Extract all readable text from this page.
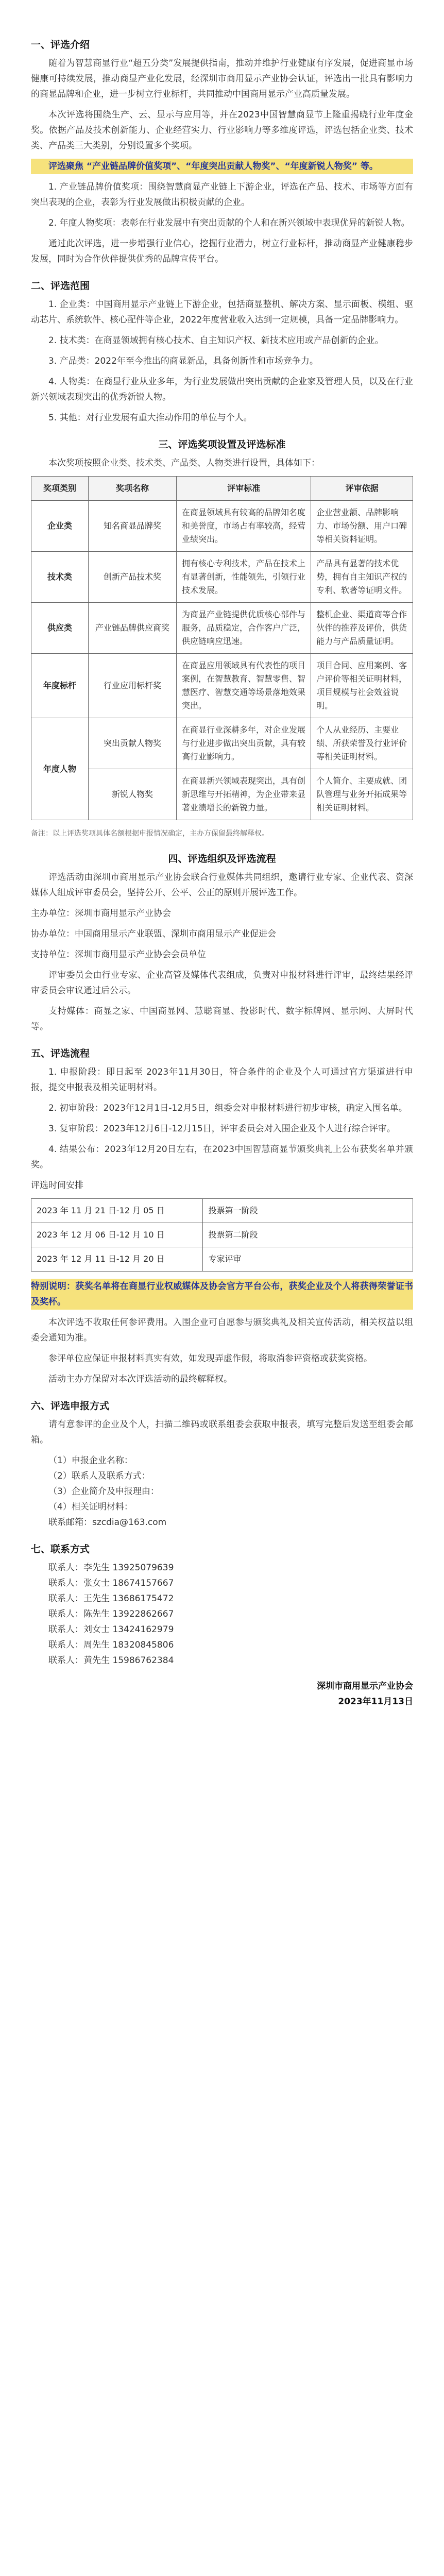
一、评选介绍
随着为智慧商显行业“超五分类”发展提供指南，推动并维护行业健康有序发展，促进商显市场健康可持续发展，推动商显产业化发展，经深圳市商用显示产业协会认证，评选出一批具有影响力的商显品牌和企业，进一步树立行业标杆，共同推动中国商用显示产业高质量发展。
本次评选将围绕生产、云、显示与应用等，并在2023中国智慧商显节上隆重揭晓行业年度金奖。依据产品及技术创新能力、企业经营实力、行业影响力等多维度评选，评选包括企业类、技术类、产品类三大类别，分别设置多个奖项。
评选聚焦 “产业链品牌价值奖项”、“年度突出贡献人物奖”、“年度新锐人物奖” 等。
1. 产业链品牌价值奖项：围绕智慧商显产业链上下游企业，评选在产品、技术、市场等方面有突出表现的企业，表彰为行业发展做出积极贡献的企业。
2. 年度人物奖项：表彰在行业发展中有突出贡献的个人和在新兴领域中表现优异的新锐人物。
通过此次评选，进一步增强行业信心，挖掘行业潜力，树立行业标杆，推动商显产业健康稳步发展，同时为合作伙伴提供优秀的品牌宣传平台。
二、评选范围
1. 企业类：中国商用显示产业链上下游企业，包括商显整机、解决方案、显示面板、模组、驱动芯片、系统软件、核心配件等企业，2022年度营业收入达到一定规模，具备一定品牌影响力。
2. 技术类：在商显领域拥有核心技术、自主知识产权、新技术应用或产品创新的企业。
3. 产品类：2022年至今推出的商显新品，具备创新性和市场竞争力。
4. 人物类：在商显行业从业多年，为行业发展做出突出贡献的企业家及管理人员，以及在行业新兴领域表现突出的优秀新锐人物。
5. 其他：对行业发展有重大推动作用的单位与个人。
三、评选奖项设置及评选标准
本次奖项按照企业类、技术类、产品类、人物类进行设置，具体如下：
奖项类别	奖项名称	评审标准	评审依据
企业类	知名商显品牌奖	在商显领域具有较高的品牌知名度和美誉度，市场占有率较高，经营业绩突出。	企业营业额、品牌影响力、市场份额、用户口碑等相关资料证明。
技术类	创新产品技术奖	拥有核心专利技术，产品在技术上有显著创新，性能领先，引领行业技术发展。	产品具有显著的技术优势，拥有自主知识产权的专利、软著等证明文件。
供应类	产业链品牌供应商奖	为商显产业链提供优质核心部件与服务，品质稳定，合作客户广泛，供应链响应迅速。	整机企业、渠道商等合作伙伴的推荐及评价，供货能力与产品质量证明。
年度标杆	行业应用标杆奖	在商显应用领域具有代表性的项目案例，在智慧教育、智慧零售、智慧医疗、智慧交通等场景落地效果突出。	项目合同、应用案例、客户评价等相关证明材料，项目规模与社会效益说明。
年度人物	突出贡献人物奖	在商显行业深耕多年，对企业发展与行业进步做出突出贡献，具有较高行业影响力。	个人从业经历、主要业绩、所获荣誉及行业评价等相关证明材料。
	新锐人物奖	在商显新兴领域表现突出，具有创新思维与开拓精神，为企业带来显著业绩增长的新锐力量。	个人简介、主要成就、团队管理与业务开拓成果等相关证明材料。
备注：以上评选奖项具体名额根据申报情况确定，主办方保留最终解释权。
四、评选组织及评选流程
评选活动由深圳市商用显示产业协会联合行业媒体共同组织，邀请行业专家、企业代表、资深媒体人组成评审委员会，坚持公开、公平、公正的原则开展评选工作。
主办单位：深圳市商用显示产业协会
协办单位：中国商用显示产业联盟、深圳市商用显示产业促进会
支持单位：深圳市商用显示产业协会会员单位
评审委员会由行业专家、企业高管及媒体代表组成，负责对申报材料进行评审，最终结果经评审委员会审议通过后公示。
支持媒体：商显之家、中国商显网、慧聪商显、投影时代、数字标牌网、显示网、大屏时代等。
五、评选流程
1. 申报阶段：即日起至 2023年11月30日，符合条件的企业及个人可通过官方渠道进行申报，提交申报表及相关证明材料。
2. 初审阶段：2023年12月1日-12月5日，组委会对申报材料进行初步审核，确定入围名单。
3. 复审阶段：2023年12月6日-12月15日，评审委员会对入围企业及个人进行综合评审。
4. 结果公布：2023年12月20日左右，在2023中国智慧商显节颁奖典礼上公布获奖名单并颁奖。
评选时间安排
2023 年 11 月 21 日-12 月 05 日	投票第一阶段
2023 年 12 月 06 日-12 月 10 日	投票第二阶段
2023 年 12 月 11 日-12 月 20 日	专家评审
特别说明：获奖名单将在商显行业权威媒体及协会官方平台公布，获奖企业及个人将获得荣誉证书及奖杯。
本次评选不收取任何参评费用。入围企业可自愿参与颁奖典礼及相关宣传活动，相关权益以组委会通知为准。
参评单位应保证申报材料真实有效，如发现弄虚作假，将取消参评资格或获奖资格。
活动主办方保留对本次评选活动的最终解释权。
六、评选申报方式
请有意参评的企业及个人，扫描二维码或联系组委会获取申报表，填写完整后发送至组委会邮箱。
（1）申报企业名称：
（2）联系人及联系方式：
（3）企业简介及申报理由：
（4）相关证明材料：
联系邮箱：szcdia@163.com
七、联系方式
联系人：李先生 13925079639
联系人：张女士 18674157667
联系人：王先生 13686175472
联系人：陈先生 13922862667
联系人：刘女士 13424162979
联系人：周先生 18320845806
联系人：黄先生 15986762384
深圳市商用显示产业协会
2023年11月13日
